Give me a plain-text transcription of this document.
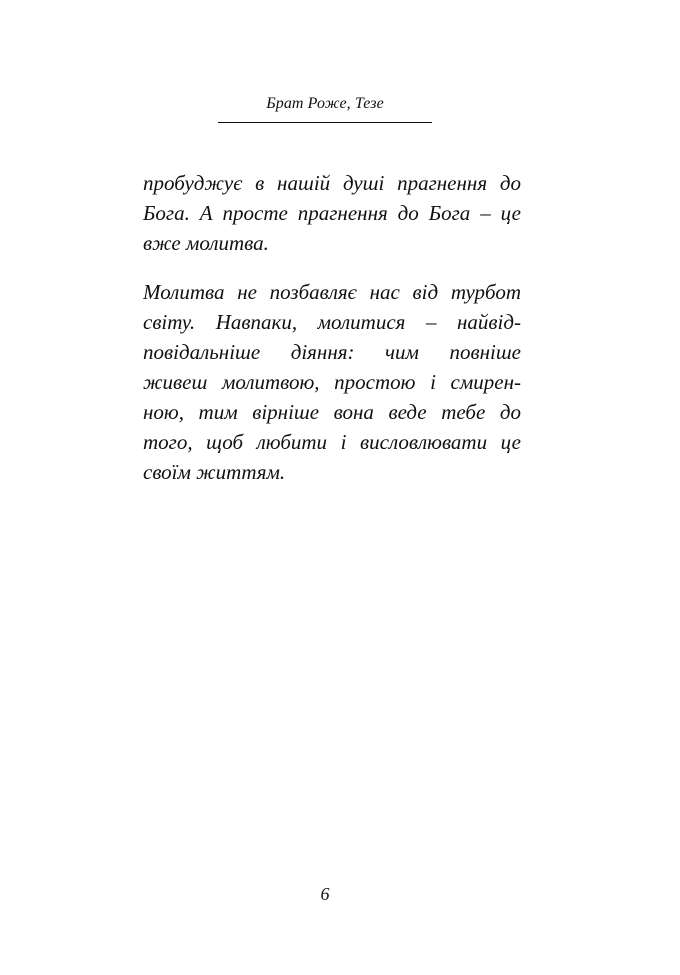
Брат Роже, Тезе
пробуджує в нашій душі прагнення до
Бога. А просте прагнення до Бога – це
вже молитва.
Молитва не позбавляє нас від турбот
світу. Навпаки, молитися – найвід-
повідальніше діяння: чим повніше
живеш молитвою, простою і смирен-
ною, тим вірніше вона веде тебе до
того, щоб любити і висловлювати це
своїм життям.
6
